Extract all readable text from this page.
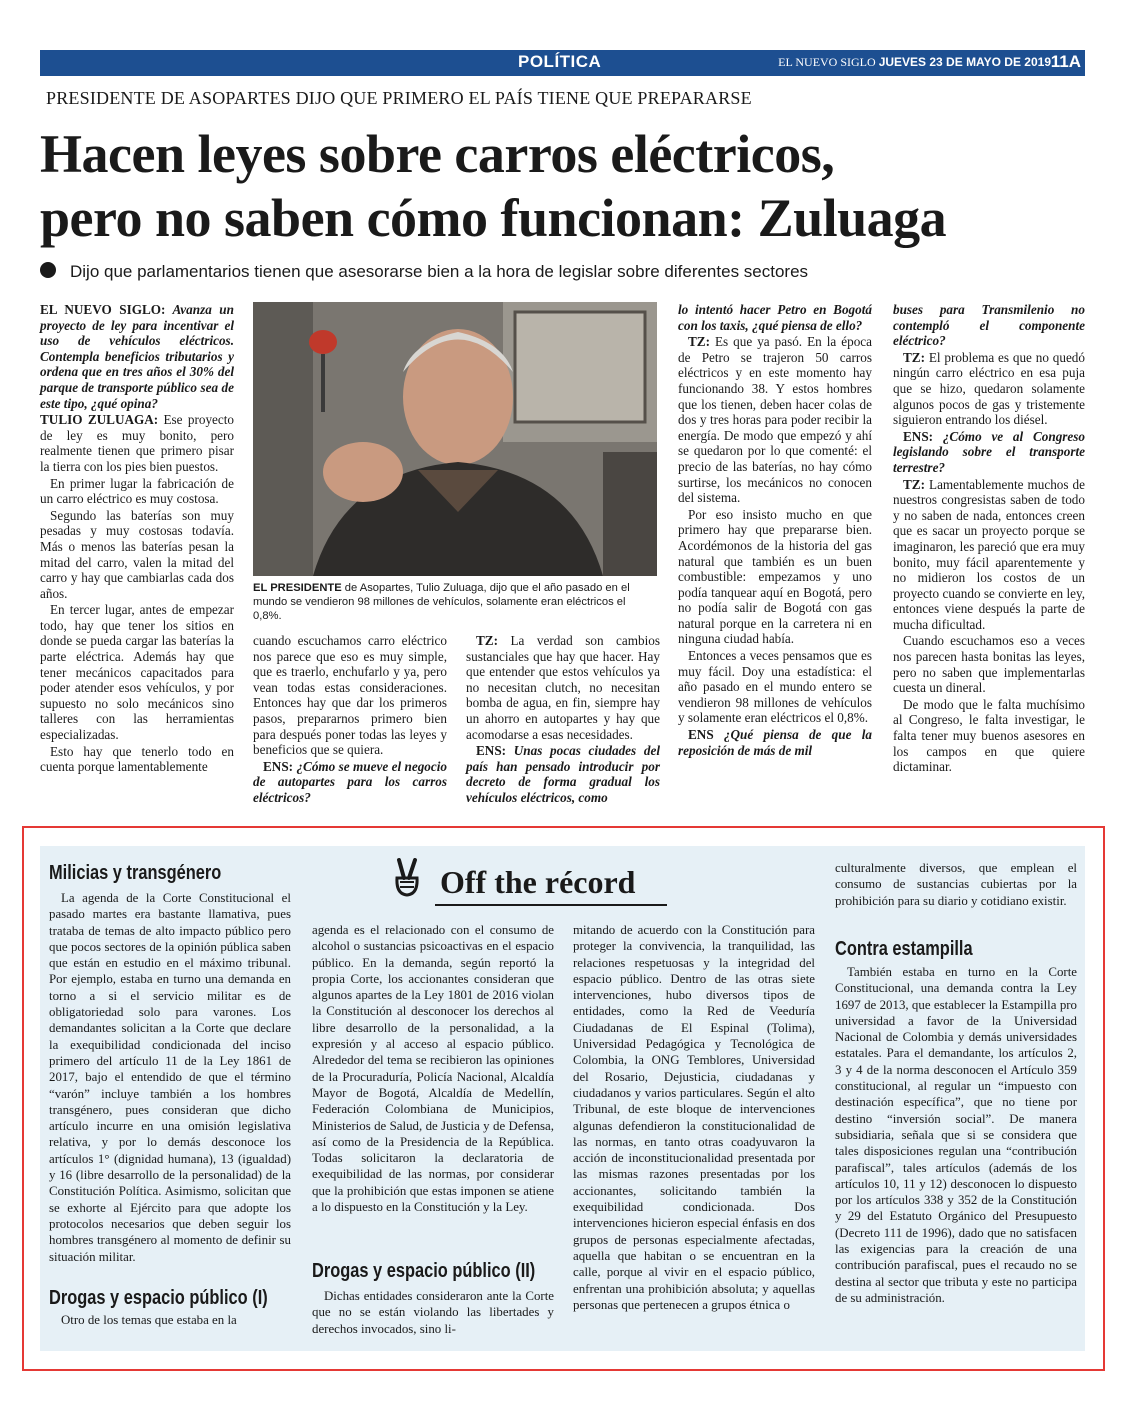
POLÍTICA	EL NUEVO SIGLO JUEVES 23 DE MAYO DE 2019 11A
PRESIDENTE DE ASOPARTES DIJO QUE PRIMERO EL PAÍS TIENE QUE PREPARARSE
Hacen leyes sobre carros eléctricos,
pero no saben cómo funcionan: Zuluaga
Dijo que parlamentarios tienen que asesorarse bien a la hora de legislar sobre diferentes sectores

EL NUEVO SIGLO: Avanza un proyecto de ley para incentivar el uso de vehículos eléctricos. Contempla beneficios tributarios y ordena que en tres años el 30% del parque de transporte público sea de este tipo, ¿qué opina?

TULIO ZULUAGA: Ese proyecto de ley es muy bonito, pero realmente tienen que primero pisar la tierra con los pies bien puestos.

En primer lugar la fabricación de un carro eléctrico es muy costosa.

Segundo las baterías son muy pesadas y muy costosas todavía. Más o menos las baterías pesan la mitad del carro, valen la mitad del carro y hay que cambiarlas cada dos años.

En tercer lugar, antes de empezar todo, hay que tener los sitios en donde se pueda cargar las baterías la parte eléctrica. Además hay que tener mecánicos capacitados para poder atender esos vehículos, y por supuesto no solo mecánicos sino talleres con las herramientas especializadas.

Esto hay que tenerlo todo en cuenta porque lamentablemente

EL PRESIDENTE de Asopartes, Tulio Zuluaga, dijo que el año pasado en el mundo se vendieron 98 millones de vehículos, solamente eran eléctricos el 0,8%.

cuando escuchamos carro eléctrico nos parece que eso es muy simple, que es traerlo, enchufarlo y ya, pero vean todas estas consideraciones. Entonces hay que dar los primeros pasos, prepararnos primero bien para después poner todas las leyes y beneficios que se quiera.

ENS: ¿Cómo se mueve el negocio de autopartes para los carros eléctricos?

TZ: La verdad son cambios sustanciales que hay que hacer. Hay que entender que estos vehículos ya no necesitan clutch, no necesitan bomba de agua, en fin, siempre hay un ahorro en autopartes y hay que acomodarse a esas necesidades.

ENS: Unas pocas ciudades del país han pensado introducir por decreto de forma gradual los vehículos eléctricos, como

lo intentó hacer Petro en Bogotá con los taxis, ¿qué piensa de ello?

TZ: Es que ya pasó. En la época de Petro se trajeron 50 carros eléctricos y en este momento hay funcionando 38. Y estos hombres que los tienen, deben hacer colas de dos y tres horas para poder recibir la energía. De modo que empezó y ahí se quedaron por lo que comenté: el precio de las baterías, no hay cómo surtirse, los mecánicos no conocen del sistema.

Por eso insisto mucho en que primero hay que prepararse bien. Acordémonos de la historia del gas natural que también es un buen combustible: empezamos y uno podía tanquear aquí en Bogotá, pero no podía salir de Bogotá con gas natural porque en la carretera ni en ninguna ciudad había.

Entonces a veces pensamos que es muy fácil. Doy una estadística: el año pasado en el mundo entero se vendieron 98 millones de vehículos y solamente eran eléctricos el 0,8%.

ENS ¿Qué piensa de que la reposición de más de mil

buses para Transmilenio no contempló el componente eléctrico?

TZ: El problema es que no quedó ningún carro eléctrico en esa puja que se hizo, quedaron solamente algunos pocos de gas y tristemente siguieron entrando los diésel.

ENS: ¿Cómo ve al Congreso legislando sobre el transporte terrestre?

TZ: Lamentablemente muchos de nuestros congresistas saben de todo y no saben de nada, entonces creen que es sacar un proyecto porque se imaginaron, les pareció que era muy bonito, muy fácil aparentemente y no midieron los costos de un proyecto cuando se convierte en ley, entonces viene después la parte de mucha dificultad.

Cuando escuchamos eso a veces nos parecen hasta bonitas las leyes, pero no saben que implementarlas cuesta un dineral.

De modo que le falta muchísimo al Congreso, le falta investigar, le falta tener muy buenos asesores en los campos en que quiere dictaminar.

Off the récord
Milicias y transgénero

La agenda de la Corte Constitucional el pasado martes era bastante llamativa, pues trataba de temas de alto impacto público pero que pocos sectores de la opinión pública saben que están en estudio en el máximo tribunal. Por ejemplo, estaba en turno una demanda en torno a si el servicio militar es de obligatoriedad solo para varones. Los demandantes solicitan a la Corte que declare la exequibilidad condicionada del inciso primero del artículo 11 de la Ley 1861 de 2017, bajo el entendido de que el término “varón” incluye también a los hombres transgénero, pues consideran que dicho artículo incurre en una omisión legislativa relativa, y por lo demás desconoce los artículos 1° (dignidad humana), 13 (igualdad) y 16 (libre desarrollo de la personalidad) de la Constitución Política. Asimismo, solicitan que se exhorte al Ejército para que adopte los protocolos necesarios que deben seguir los hombres transgénero al momento de definir su situación militar.

Drogas y espacio público (I)

Otro de los temas que estaba en la

agenda es el relacionado con el consumo de alcohol o sustancias psicoactivas en el espacio público. En la demanda, según reportó la propia Corte, los accionantes consideran que algunos apartes de la Ley 1801 de 2016 violan la Constitución al desconocer los derechos al libre desarrollo de la personalidad, a la expresión y al acceso al espacio público. Alrededor del tema se recibieron las opiniones de la Procuraduría, Policía Nacional, Alcaldía Mayor de Bogotá, Alcaldía de Medellín, Federación Colombiana de Municipios, Ministerios de Salud, de Justicia y de Defensa, así como de la Presidencia de la República. Todas solicitaron la declaratoria de exequibilidad de las normas, por considerar que la prohibición que estas imponen se atiene a lo dispuesto en la Constitución y la Ley.

Drogas y espacio público (II)

Dichas entidades consideraron ante la Corte que no se están violando las libertades y derechos invocados, sino li-

mitando de acuerdo con la Constitución para proteger la convivencia, la tranquilidad, las relaciones respetuosas y la integridad del espacio público. Dentro de las otras siete intervenciones, hubo diversos tipos de entidades, como la Red de Veeduría Ciudadanas de El Espinal (Tolima), Universidad Pedagógica y Tecnológica de Colombia, la ONG Temblores, Universidad del Rosario, Dejusticia, ciudadanas y ciudadanos y varios particulares. Según el alto Tribunal, de este bloque de intervenciones algunas defendieron la constitucionalidad de las normas, en tanto otras coadyuvaron la acción de inconstitucionalidad presentada por las mismas razones presentadas por los accionantes, solicitando también la exequibilidad condicionada. Dos intervenciones hicieron especial énfasis en dos grupos de personas especialmente afectadas, aquella que habitan o se encuentran en la calle, porque al vivir en el espacio público, enfrentan una prohibición absoluta; y aquellas personas que pertenecen a grupos étnica o

culturalmente diversos, que emplean el consumo de sustancias cubiertas por la prohibición para su diario y cotidiano existir.

Contra estampilla

También estaba en turno en la Corte Constitucional, una demanda contra la Ley 1697 de 2013, que establecer la Estampilla pro universidad a favor de la Universidad Nacional de Colombia y demás universidades estatales. Para el demandante, los artículos 2, 3 y 4 de la norma desconocen el Artículo 359 constitucional, al regular un “impuesto con destinación específica”, que no tiene por destino “inversión social”. De manera subsidiaria, señala que si se considera que tales disposiciones regulan una “contribución parafiscal”, tales artículos (además de los artículos 10, 11 y 12) desconocen lo dispuesto por los artículos 338 y 352 de la Constitución y 29 del Estatuto Orgánico del Presupuesto (Decreto 111 de 1996), dado que no satisfacen las exigencias para la creación de una contribución parafiscal, pues el recaudo no se destina al sector que tributa y este no participa de su administración.
